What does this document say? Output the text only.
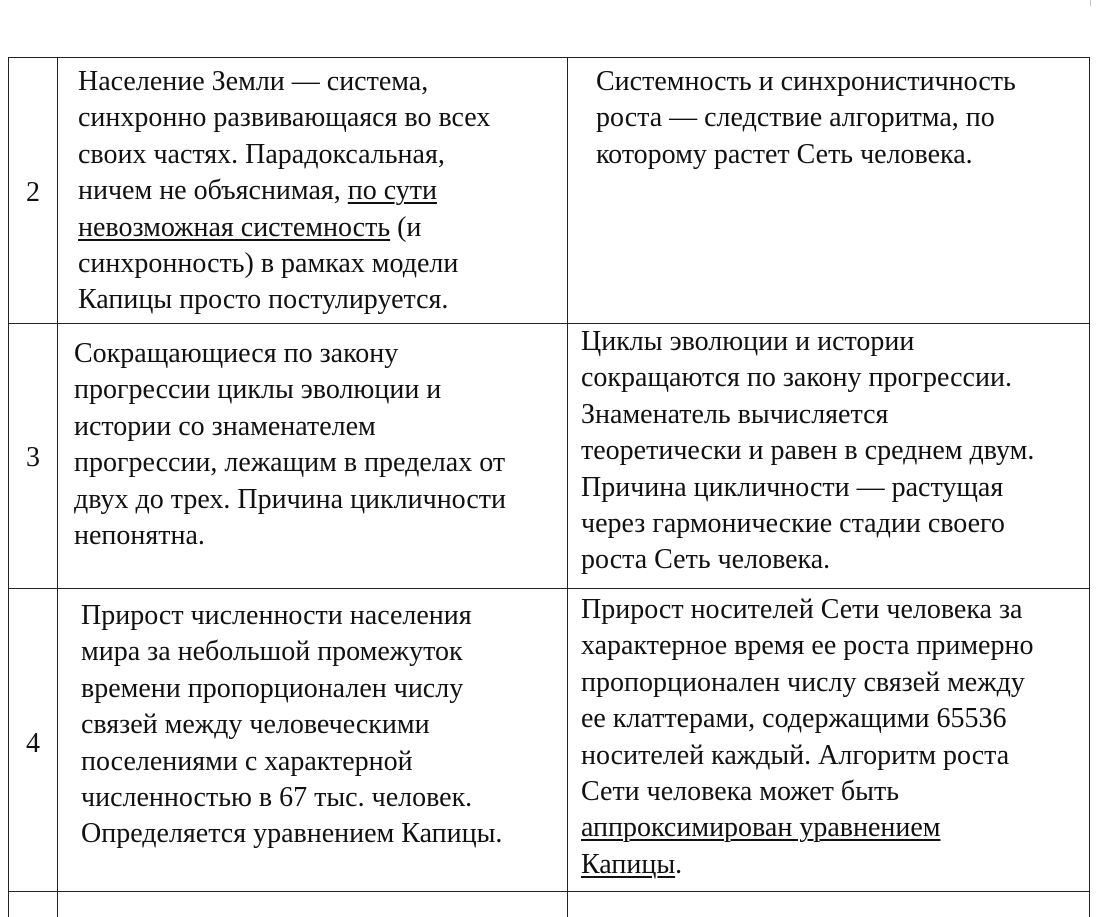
2
Население Земли — система,
синхронно развивающаяся во всех
своих частях. Парадоксальная,
ничем не объяснимая, по сути
невозможная системность (и
синхронность) в рамках модели
Капицы просто постулируется.
Системность и синхронистичность
роста — следствие алгоритма, по
которому растет Сеть человека.
3
Сокращающиеся по закону
прогрессии циклы эволюции и
истории со знаменателем
прогрессии, лежащим в пределах от
двух до трех. Причина цикличности
непонятна.
Циклы эволюции и истории
сокращаются по закону прогрессии.
Знаменатель вычисляется
теоретически и равен в среднем двум.
Причина цикличности — растущая
через гармонические стадии своего
роста Сеть человека.
4
Прирост численности населения
мира за небольшой промежуток
времени пропорционален числу
связей между человеческими
поселениями с характерной
численностью в 67 тыс. человек.
Определяется уравнением Капицы.
Прирост носителей Сети человека за
характерное время ее роста примерно
пропорционален числу связей между
ее клаттерами, содержащими 65536
носителей каждый. Алгоритм роста
Сети человека может быть
аппроксимирован уравнением
Капицы.
